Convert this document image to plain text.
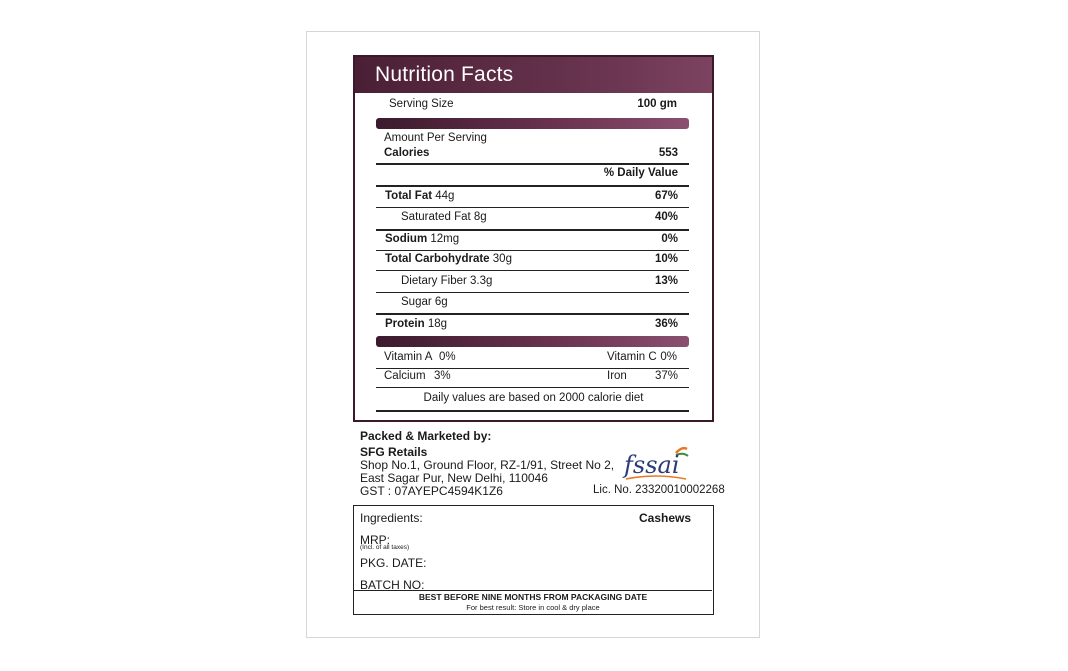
Nutrition Facts
Serving Size	100 gm
Amount Per Serving
Calories	553
% Daily Value
Total Fat 44g	67%
Saturated Fat 8g	40%
Sodium 12mg	0%
Total Carbohydrate 30g	10%
Dietary Fiber 3.3g	13%
Sugar 6g
Protein 18g	36%
Vitamin A 0%	Vitamin C 0%
Calcium 3%	Iron 37%
Daily values are based on 2000 calorie diet
Packed & Marketed by:
SFG Retails
Shop No.1, Ground Floor, RZ-1/91, Street No 2,
East Sagar Pur, New Delhi, 110046
GST : 07AYEPC4594K1Z6
fssai
Lic. No. 23320010002268
Ingredients:	Cashews
MRP:
(Incl. of all taxes)
PKG. DATE:
BATCH NO:
BEST BEFORE NINE MONTHS FROM PACKAGING DATE
For best result: Store in cool & dry place
